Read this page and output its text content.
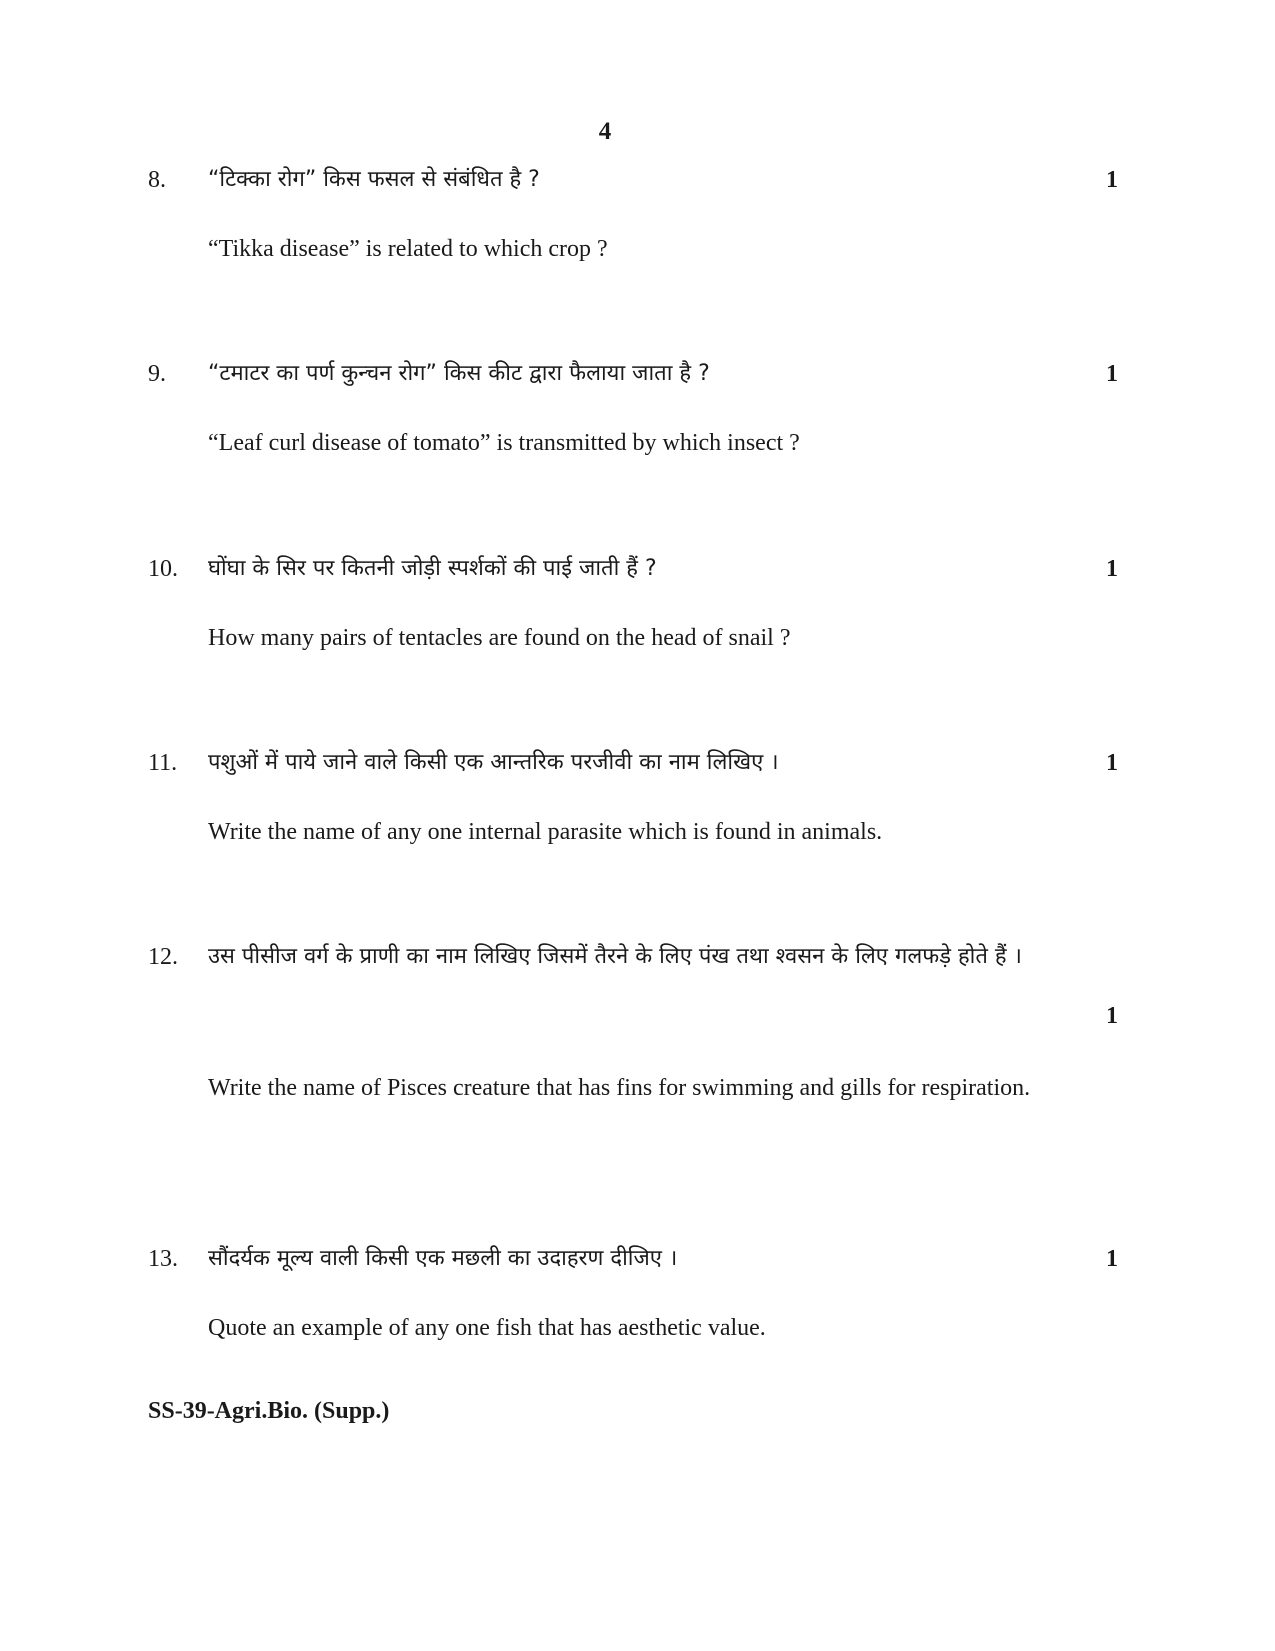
4
8. “टिक्का रोग” किस फसल से संबंधित है ?	1
“Tikka disease” is related to which crop ?
9. “टमाटर का पर्ण कुन्चन रोग” किस कीट द्वारा फैलाया जाता है ?	1
“Leaf curl disease of tomato” is transmitted by which insect ?
10. घोंघा के सिर पर कितनी जोड़ी स्पर्शकों की पाई जाती हैं ?	1
How many pairs of tentacles are found on the head of snail ?
11. पशुओं में पाये जाने वाले किसी एक आन्तरिक परजीवी का नाम लिखिए ।	1
Write the name of any one internal parasite which is found in animals.
12. उस पीसीज वर्ग के प्राणी का नाम लिखिए जिसमें तैरने के लिए पंख तथा श्वसन के लिए गलफड़े होते हैं ।
1
Write the name of Pisces creature that has fins for swimming and gills for respiration.
13. सौंदर्यक मूल्य वाली किसी एक मछली का उदाहरण दीजिए ।	1
Quote an example of any one fish that has aesthetic value.
SS-39-Agri.Bio. (Supp.)
